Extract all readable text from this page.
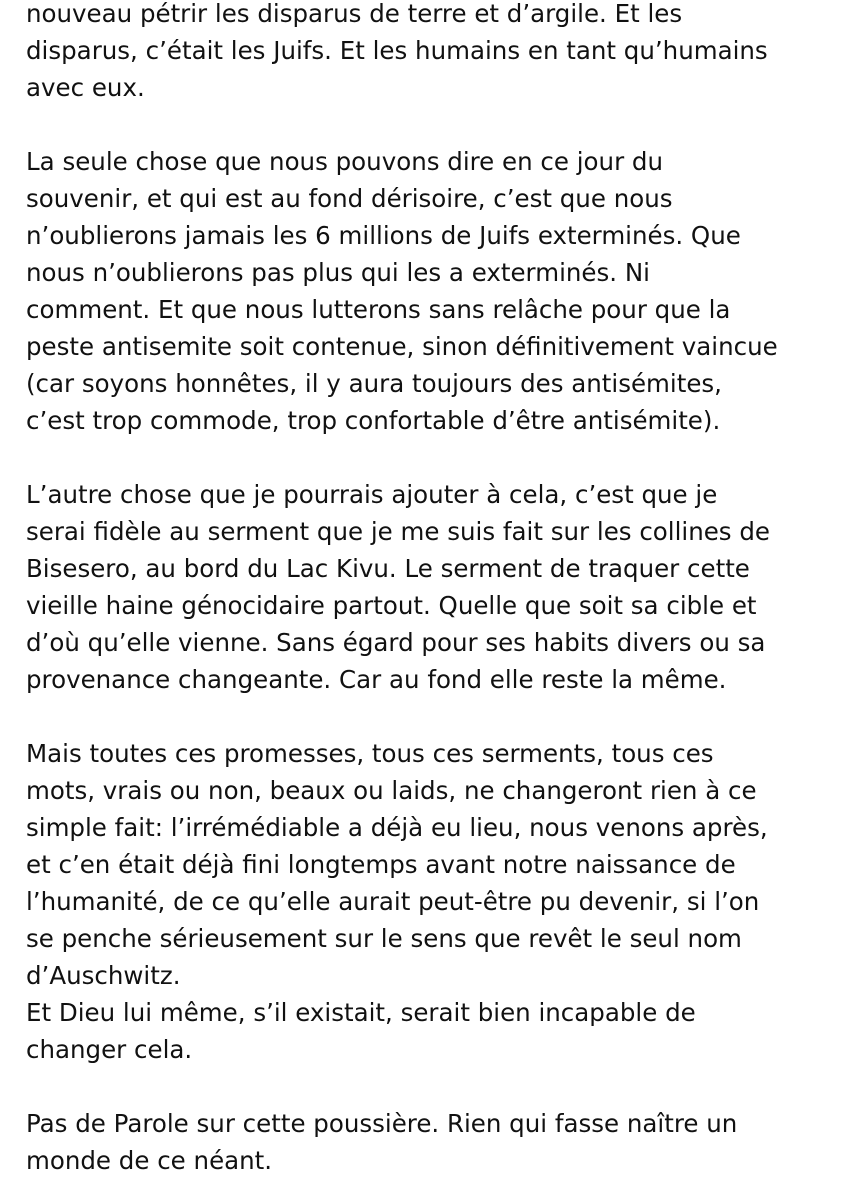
nouveau pétrir les disparus de terre et d’argile. Et les
disparus, c’était les Juifs. Et les humains en tant qu’humains
avec eux.
La seule chose que nous pouvons dire en ce jour du
souvenir, et qui est au fond dérisoire, c’est que nous
n’oublierons jamais les 6 millions de Juifs exterminés. Que
nous n’oublierons pas plus qui les a exterminés. Ni
comment. Et que nous lutterons sans relâche pour que la
peste antisemite soit contenue, sinon définitivement vaincue
(car soyons honnêtes, il y aura toujours des antisémites,
c’est trop commode, trop confortable d’être antisémite).
L’autre chose que je pourrais ajouter à cela, c’est que je
serai fidèle au serment que je me suis fait sur les collines de
Bisesero, au bord du Lac Kivu. Le serment de traquer cette
vieille haine génocidaire partout. Quelle que soit sa cible et
d’où qu’elle vienne. Sans égard pour ses habits divers ou sa
provenance changeante. Car au fond elle reste la même.
Mais toutes ces promesses, tous ces serments, tous ces
mots, vrais ou non, beaux ou laids, ne changeront rien à ce
simple fait: l’irrémédiable a déjà eu lieu, nous venons après,
et c’en était déjà fini longtemps avant notre naissance de
l’humanité, de ce qu’elle aurait peut-être pu devenir, si l’on
se penche sérieusement sur le sens que revêt le seul nom
d’Auschwitz.
Et Dieu lui même, s’il existait, serait bien incapable de
changer cela.
Pas de Parole sur cette poussière. Rien qui fasse naître un
monde de ce néant.
